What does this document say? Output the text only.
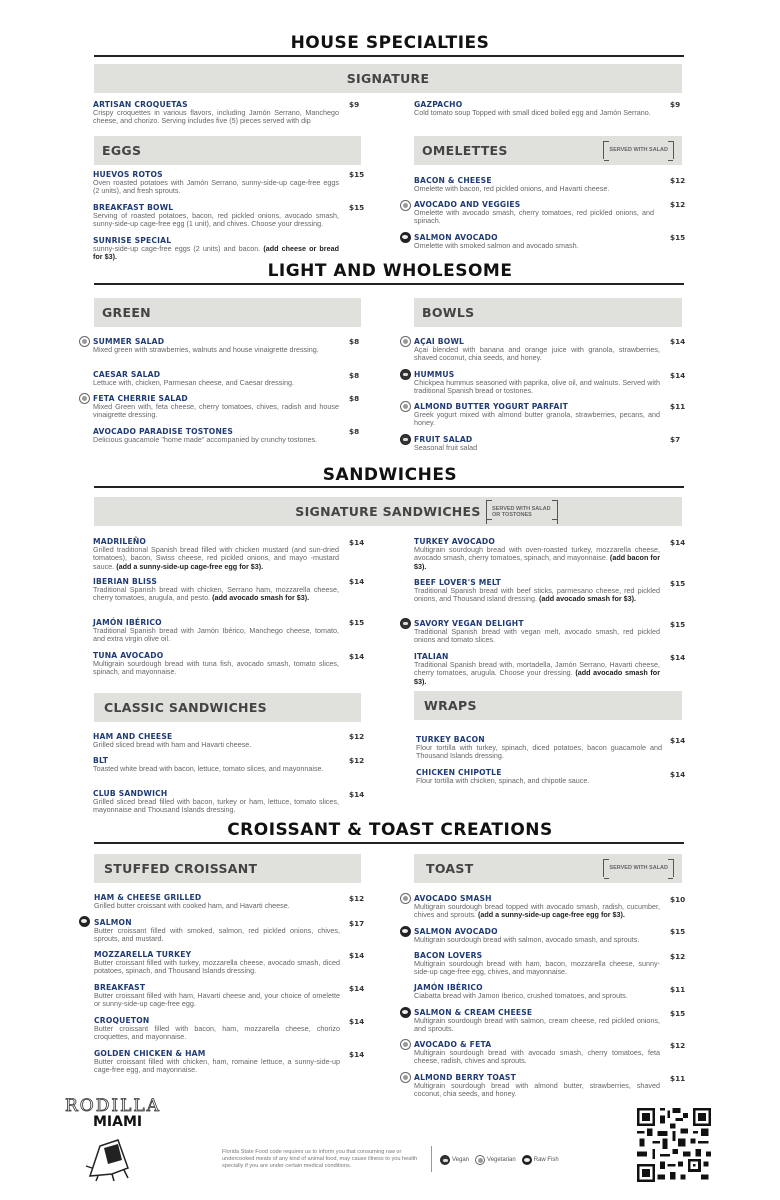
HOUSE SPECIALTIES
SIGNATURE
ARTISAN CROQUETAS
Crispy croquettes in various flavors, including Jamón Serrano, Manchego cheese, and chorizo. Serving includes five (5) pieces served with dip
$9	GAZPACHO
Cold tomato soup Topped with small diced boiled egg and Jamón Serrano.
$9
EGGS	OMELETTES	SERVED WITH SALAD
HUEVOS ROTOS
Oven roasted potatoes with Jamón Serrano, sunny-side-up cage-free eggs (2 units), and fresh sprouts.
$15
BREAKFAST BOWL
Serving of roasted potatoes, bacon, red pickled onions, avocado smash, sunny-side-up cage-free egg (1 unit), and chives. Choose your dressing.
$15
SUNRISE SPECIAL
sunny-side-up cage-free eggs (2 units) and bacon. (add cheese or bread for $3).
BACON & CHEESE
Omelette with bacon, red pickled onions, and Havarti cheese.
$12
AVOCADO AND VEGGIES
Omelette with avocado smash, cherry tomatoes, red pickled onions, and spinach.
$12
SALMON AVOCADO
Omelette with smoked salmon and avocado smash.
$15
LIGHT AND WHOLESOME
GREEN	BOWLS
SUMMER SALAD
Mixed green with strawberries, walnuts and house vinaigrette dressing.
$8
CAESAR SALAD
Lettuce with, chicken, Parmesan cheese, and Caesar dressing.
$8
FETA CHERRIE SALAD
Mixed Green with, feta cheese, cherry tomatoes, chives, radish and house vinaigrette dressing.
$8
AVOCADO PARADISE TOSTONES
Delicious guacamole "home made" accompanied by crunchy tostones.
$8
AÇAI BOWL
Açai blended with banana and orange juice with granola, strawberries, shaved coconut, chia seeds, and honey.
$14
HUMMUS
Chickpea hummus seasoned with paprika, olive oil, and walnuts. Served with traditional Spanish bread or tostones.
$14
ALMOND BUTTER YOGURT PARFAIT
Greek yogurt mixed with almond butter granola, strawberries, pecans, and honey.
$11
FRUIT SALAD
Seasonal fruit salad
$7
SANDWICHES
SIGNATURE SANDWICHES	SERVED WITH SALAD OR TOSTONES
MADRILEÑO
Grilled traditional Spanish bread filled with chicken mustard (and sun-dried tomatoes), bacon, Swiss cheese, red pickled onions, and mayo -mustard sauce. (add a sunny-side-up cage-free egg for $3).
$14
IBERIAN BLISS
Traditional Spanish bread with chicken, Serrano ham, mozzarella cheese, cherry tomatoes, arugula, and pesto. (add avocado smash for $3).
$14
JAMÓN IBÉRICO
Traditional Spanish bread with Jamón Ibérico, Manchego cheese, tomato, and extra virgin olive oil.
$15
TUNA AVOCADO
Multigrain sourdough bread with tuna fish, avocado smash, tomato slices, spinach, and mayonnaise.
$14
TURKEY AVOCADO
Multigrain sourdough bread with oven-roasted turkey, mozzarella cheese, avocado smash, cherry tomatoes, spinach, and mayonnaise. (add bacon for $3).
$14
BEEF LOVER'S MELT
Traditional Spanish bread with beef sticks, parmesano cheese, red pickled onions, and Thousand island dressing. (add avocado smash for $3).
$15
SAVORY VEGAN DELIGHT
Traditional Spanish bread with vegan melt, avocado smash, red pickled onions and tomato slices.
$15
ITALIAN
Traditional Spanish bread with, mortadella, Jamón Serrano, Havarti cheese, cherry tomatoes, arugula. Choose your dressing. (add avocado smash for $3).
$14
CLASSIC SANDWICHES	WRAPS
HAM AND CHEESE
Grilled sliced bread with ham and Havarti cheese.
$12
BLT
Toasted white bread with bacon, lettuce, tomato slices, and mayonnaise.
$12
CLUB SANDWICH
Grilled sliced bread filled with bacon, turkey or ham, lettuce, tomato slices, mayonnaise and Thousand Islands dressing.
$14
TURKEY BACON
Flour tortilla with turkey, spinach, diced potatoes, bacon guacamole and Thousand Islands dressing.
$14
CHICKEN CHIPOTLE
Flour tortilla with chicken, spinach, and chipotle sauce.
$14
CROISSANT & TOAST CREATIONS
STUFFED CROISSANT	TOAST	SERVED WITH SALAD
HAM & CHEESE GRILLED
Grilled butter croissant with cooked ham, and Havarti cheese.
$12
SALMON
Butter croissant filled with smoked, salmon, red pickled onions, chives, sprouts, and mustard.
$17
MOZZARELLA TURKEY
Butter croissant filled with turkey, mozzarella cheese, avocado smash, diced potatoes, spinach, and Thousand Islands dressing.
$14
BREAKFAST
Butter croissant filled with ham, Havarti cheese and, your choice of omelette or sunny-side-up cage-free egg.
$14
CROQUETON
Butter croissant filled with bacon, ham, mozzarella cheese, chorizo croquettes, and mayonnaise.
$14
GOLDEN CHICKEN & HAM
Butter croissant filled with chicken, ham, romaine lettuce, a sunny-side-up cage-free egg, and mayonnaise.
$14
AVOCADO SMASH
Multigrain sourdough bread topped with avocado smash, radish, cucumber, chives and sprouts. (add a sunny-side-up cage-free egg for $3).
$10
SALMON AVOCADO
Multigrain sourdough bread with salmon, avocado smash, and sprouts.
$15
BACON LOVERS
Multigrain sourdough bread with ham, bacon, mozzarella cheese, sunny-side-up cage-free egg, chives, and mayonnaise.
$12
JAMÓN IBÉRICO
Ciabatta bread with Jamon Iberico, crushed tomatoes, and sprouts.
$11
SALMON & CREAM CHEESE
Multigrain sourdough bread with salmon, cream cheese, red pickled onions, and sprouts.
$15
AVOCADO & FETA
Multigrain sourdough bread with avocado smash, cherry tomatoes, feta cheese, radish, chives and sprouts.
$12
ALMOND BERRY TOAST
Multigrain sourdough bread with almond butter, strawberries, shaved coconut, chia seeds, and honey.
$11
RODILLA
MIAMI
Florida State Food code requires us to inform you that consuming raw or undercooked meats of any kind of animal food, may cause illness to you health specially if you are under certain medical conditions.
Vegan	Vegetarian	Raw Fish
